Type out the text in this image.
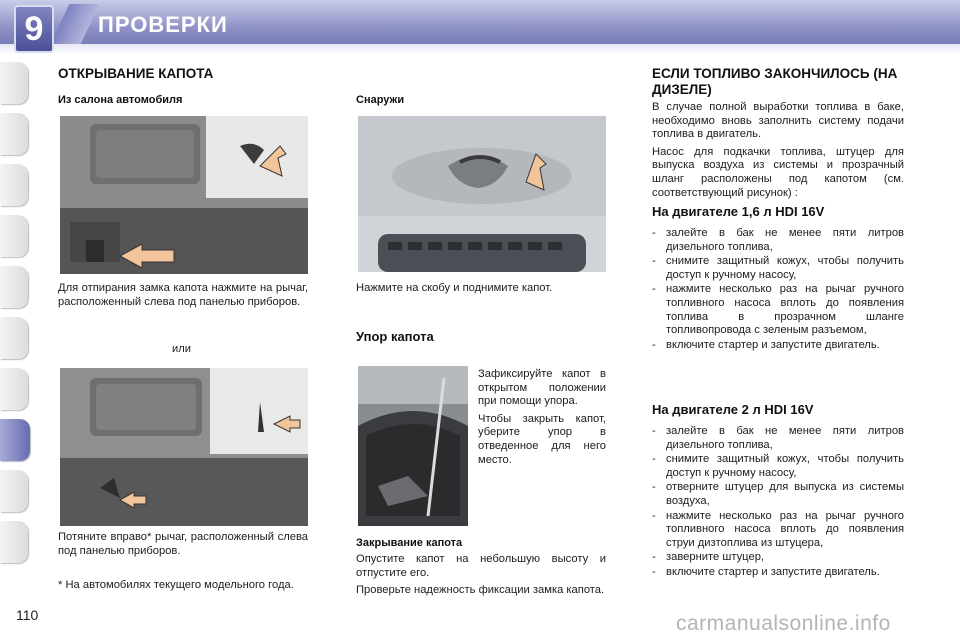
9	ПРОВЕРКИ
ОТКРЫВАНИЕ КАПОТА
Из салона автомобиля
Для отпирания замка капота нажмите на рычаг, расположенный слева под панелью приборов.
или
Потяните вправо* рычаг, расположенный слева под панелью приборов.
* На автомобилях текущего модельного года.
Снаружи
Нажмите на скобу и поднимите капот.
Упор капота

Зафиксируйте капот в открытом положении при помощи упора.

Чтобы закрыть капот, уберите упор в отведенное для него место.

Закрывание капота

Опустите капот на небольшую высоту и отпустите его.

Проверьте надежность фиксации замка капота.

ЕСЛИ ТОПЛИВО ЗАКОНЧИЛОСЬ (НА ДИЗЕЛЕ)

В случае полной выработки топлива в баке, необходимо вновь заполнить систему подачи топлива в двигатель.

Насос для подкачки топлива, штуцер для выпуска воздуха из системы и прозрачный шланг расположены под капотом (см. соответствующий рисунок) :

На двигателе 1,6 л HDI 16V
- залейте в бак не менее пяти литров дизельного топлива,
- снимите защитный кожух, чтобы получить доступ к ручному насосу,
- нажмите несколько раз на рычаг ручного топливного насоса вплоть до появления топлива в прозрачном шланге топливопровода с зеленым разъемом,
- включите стартер и запустите двигатель.
На двигателе 2 л HDI 16V
- залейте в бак не менее пяти литров дизельного топлива,
- снимите защитный кожух, чтобы получить доступ к ручному насосу,
- отверните штуцер для выпуска из системы воздуха,
- нажмите несколько раз на рычаг ручного топливного насоса вплоть до появления струи дизтоплива из штуцера,
- заверните штуцер,
- включите стартер и запустите двигатель.
110	carmanualsonline.info
